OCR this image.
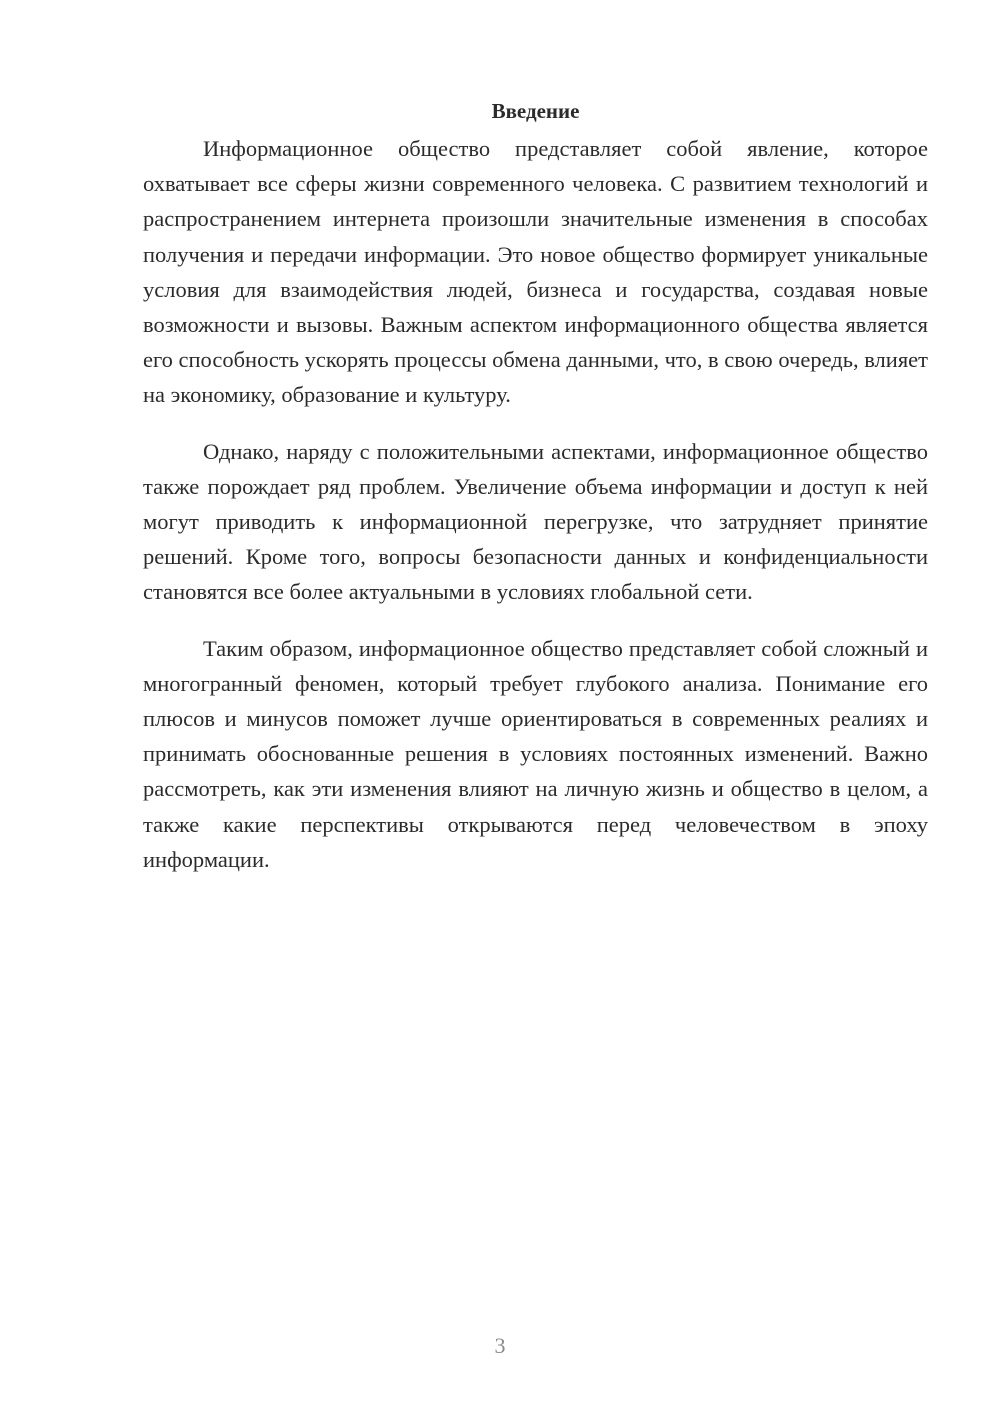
Введение

Информационное общество представляет собой явление, которое охватывает все сферы жизни современного человека. С развитием технологий и распространением интернета произошли значительные изменения в способах получения и передачи информации. Это новое общество формирует уникальные условия для взаимодействия людей, бизнеса и государства, создавая новые возможности и вызовы. Важным аспектом информационного общества является его способность ускорять процессы обмена данными, что, в свою очередь, влияет на экономику, образование и культуру.

Однако, наряду с положительными аспектами, информационное общество также порождает ряд проблем. Увеличение объема информации и доступ к ней могут приводить к информационной перегрузке, что затрудняет принятие решений. Кроме того, вопросы безопасности данных и конфиденциальности становятся все более актуальными в условиях глобальной сети.

Таким образом, информационное общество представляет собой сложный и многогранный феномен, который требует глубокого анализа. Понимание его плюсов и минусов поможет лучше ориентироваться в современных реалиях и принимать обоснованные решения в условиях постоянных изменений. Важно рассмотреть, как эти изменения влияют на личную жизнь и общество в целом, а также какие перспективы открываются перед человечеством в эпоху информации.

3
